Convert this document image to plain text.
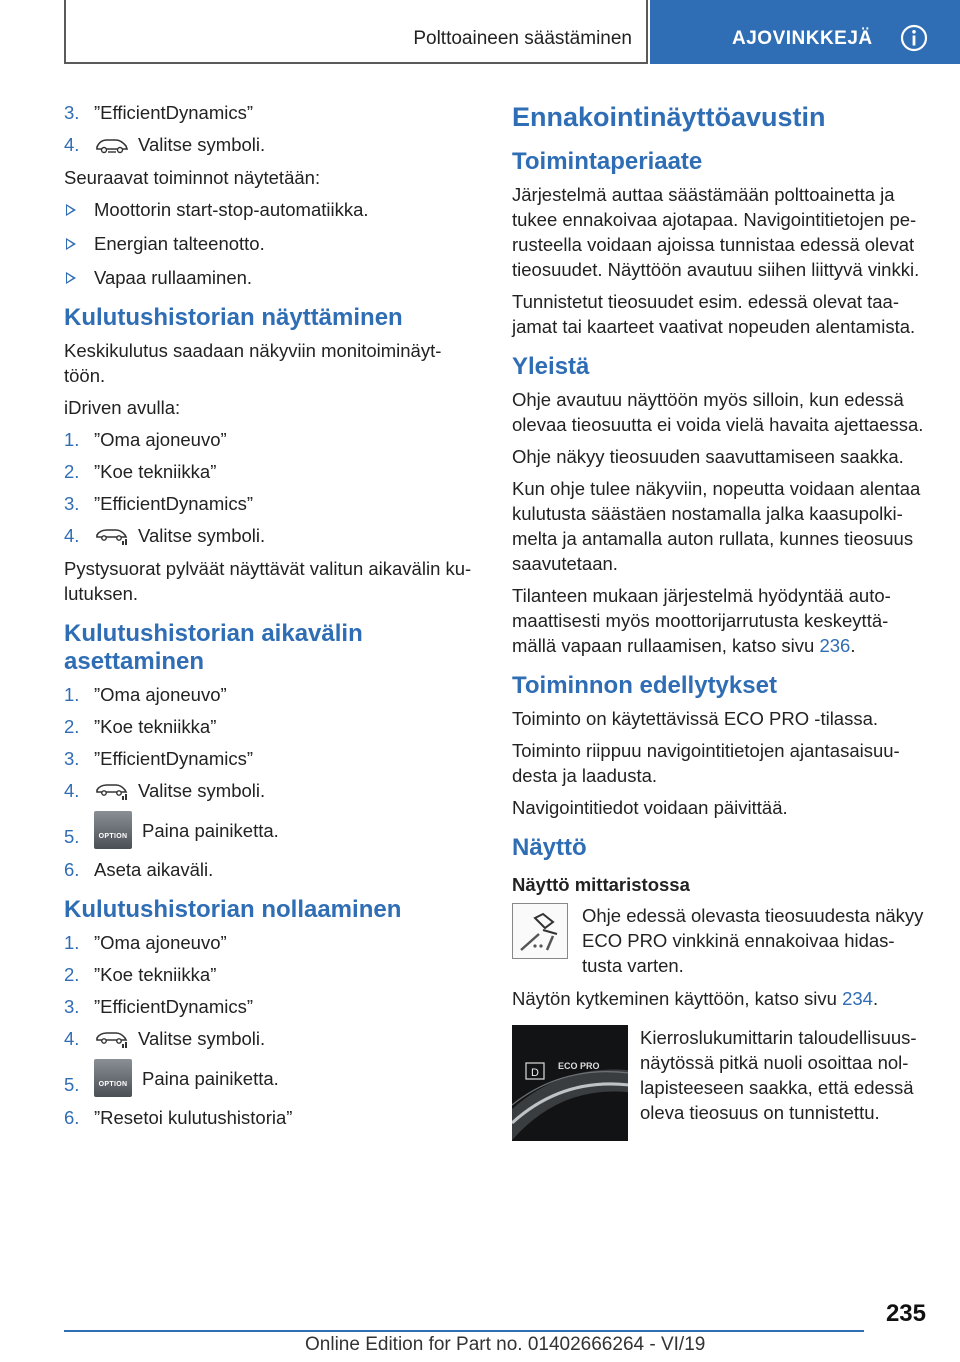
Polttoaineen säästäminen	AJOVINKKEJÄ
3. ”EfficientDynamics”
4.	Valitse symboli.

Seuraavat toiminnot näytetään:

Moottorin start-stop-automatiikka.
Energian talteenotto.
Vapaa rullaaminen.
Kulutushistorian näyttäminen

Keskikulutus saadaan näkyviin monitoiminäyt-töön.

iDriven avulla:

1. ”Oma ajoneuvo”
2. ”Koe tekniikka”
3. ”EfficientDynamics”
4.	Valitse symboli.

Pystysuorat pylväät näyttävät valitun aikavälin ku-lutuksen.

Kulutushistorian aikavälin asettaminen
1. ”Oma ajoneuvo”
2. ”Koe tekniikka”
3. ”EfficientDynamics”
4.	Valitse symboli.
5.	OPTION Paina painiketta.
6. Aseta aikaväli.
Kulutushistorian nollaaminen
1. ”Oma ajoneuvo”
2. ”Koe tekniikka”
3. ”EfficientDynamics”
4.	Valitse symboli.
5.	OPTION Paina painiketta.
6. ”Resetoi kulutushistoria”
Ennakointinäyttöavustin
Toimintaperiaate

Järjestelmä auttaa säästämään polttoainetta ja tukee ennakoivaa ajotapaa. Navigointitietojen pe-rusteella voidaan ajoissa tunnistaa edessä olevat tieosuudet. Näyttöön avautuu siihen liittyvä vinkki.

Tunnistetut tieosuudet esim. edessä olevat taa-jamat tai kaarteet vaativat nopeuden alentamista.

Yleistä

Ohje avautuu näyttöön myös silloin, kun edessä olevaa tieosuutta ei voida vielä havaita ajettaessa.

Ohje näkyy tieosuuden saavuttamiseen saakka.

Kun ohje tulee näkyviin, nopeutta voidaan alentaa kulutusta säästäen nostamalla jalka kaasupolki-melta ja antamalla auton rullata, kunnes tieosuus saavutetaan.

Tilanteen mukaan järjestelmä hyödyntää auto-maattisesti myös moottorijarrutusta keskeyttä-mällä vapaan rullaamisen, katso sivu 236.

Toiminnon edellytykset

Toiminto on käytettävissä ECO PRO -tilassa.

Toiminto riippuu navigointitietojen ajantasaisuu-desta ja laadusta.

Navigointitiedot voidaan päivittää.

Näyttö
Näyttö mittaristossa

Ohje edessä olevasta tieosuudesta näkyy ECO PRO vinkkinä ennakoivaa hidas-tusta varten.

Näytön kytkeminen käyttöön, katso sivu 234.

D
ECO PRO

Kierroslukumittarin taloudellisuus-näytössä pitkä nuoli osoittaa nol-lapisteeseen saakka, että edessä oleva tieosuus on tunnistettu.

235
Online Edition for Part no. 01402666264 - VI/19
